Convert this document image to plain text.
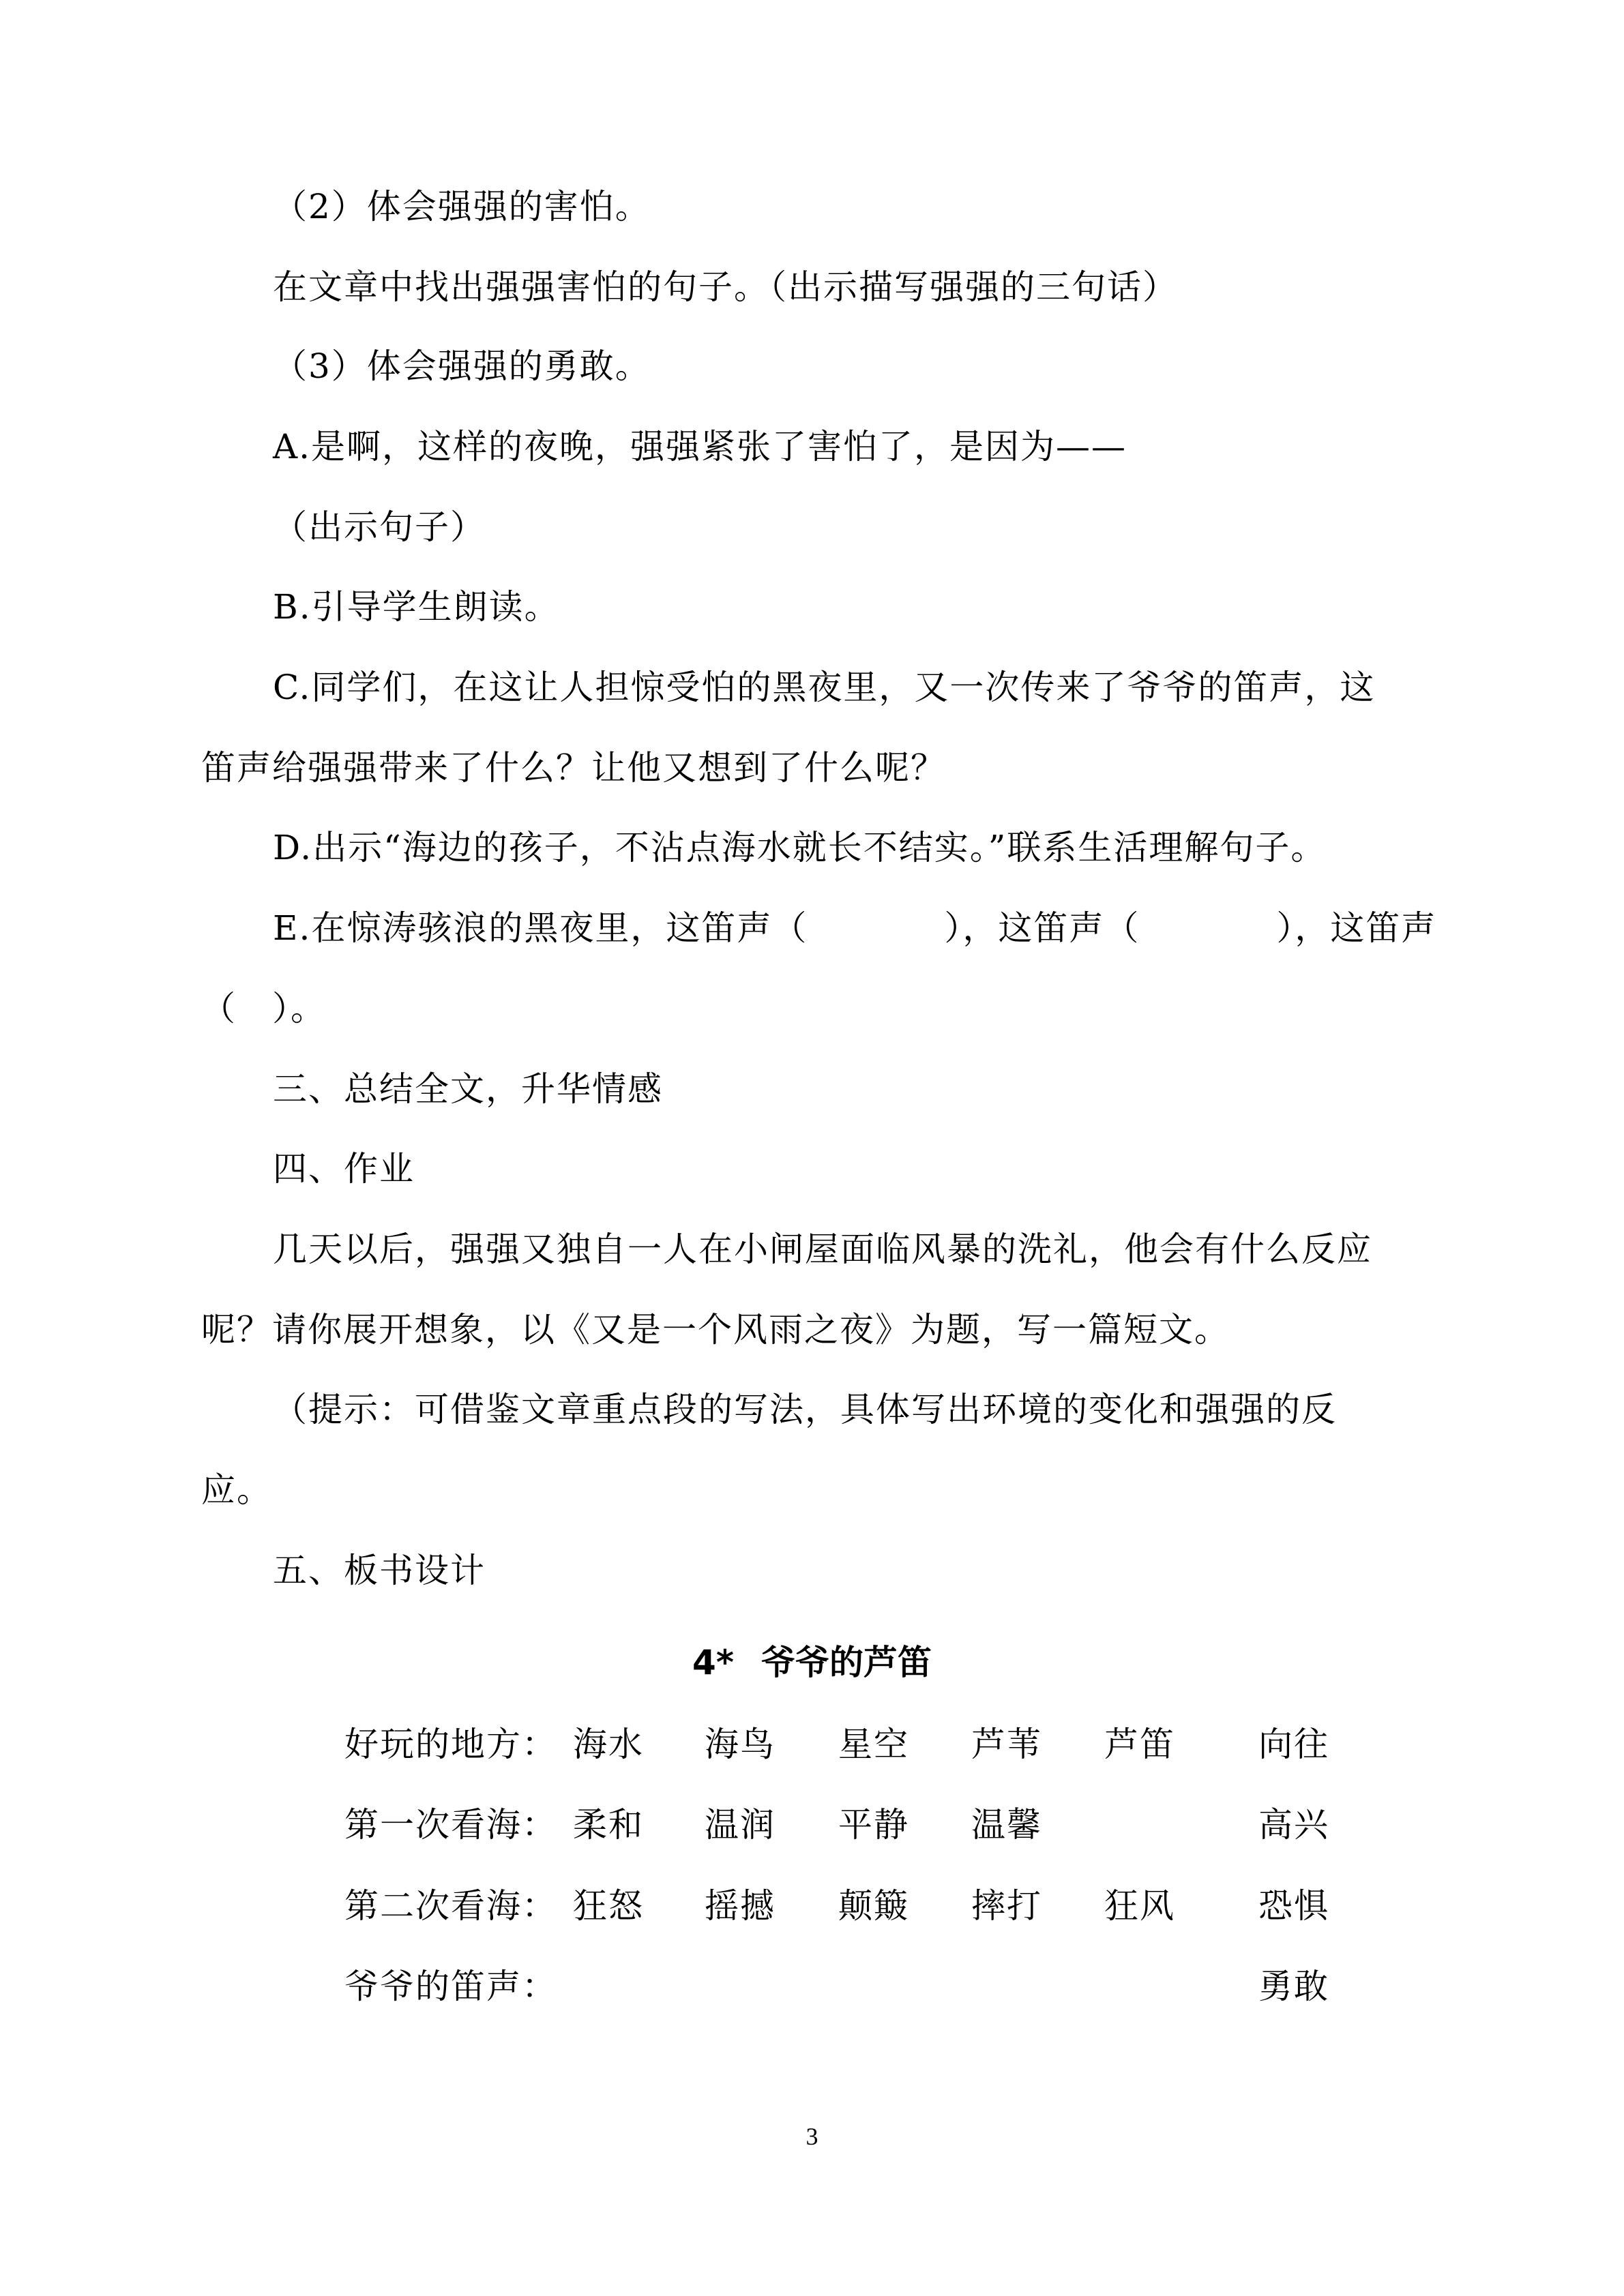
（2）体会强强的害怕。
在文章中找出强强害怕的句子。（出示描写强强的三句话）
（3）体会强强的勇敢。
A.是啊，这样的夜晚，强强紧张了害怕了，是因为——
（出示句子）
B.引导学生朗读。
C.同学们，在这让人担惊受怕的黑夜里，又一次传来了爷爷的笛声，这
笛声给强强带来了什么？让他又想到了什么呢？
D.出示“海边的孩子，不沾点海水就长不结实。”联系生活理解句子。
E.在惊涛骇浪的黑夜里，这笛声（	），这笛声（	），这笛声
（　）。
三、总结全文，升华情感
四、作业
几天以后，强强又独自一人在小闸屋面临风暴的洗礼，他会有什么反应
呢？请你展开想象，以《又是一个风雨之夜》为题，写一篇短文。
（提示：可借鉴文章重点段的写法，具体写出环境的变化和强强的反
应。
五、板书设计
4* 爷爷的芦笛
好玩的地方： 海水 海鸟 星空 芦苇 芦笛 向往
第一次看海： 柔和 温润 平静 温馨	高兴
第二次看海： 狂怒 摇撼 颠簸 摔打 狂风 恐惧
爷爷的笛声：	勇敢
3
